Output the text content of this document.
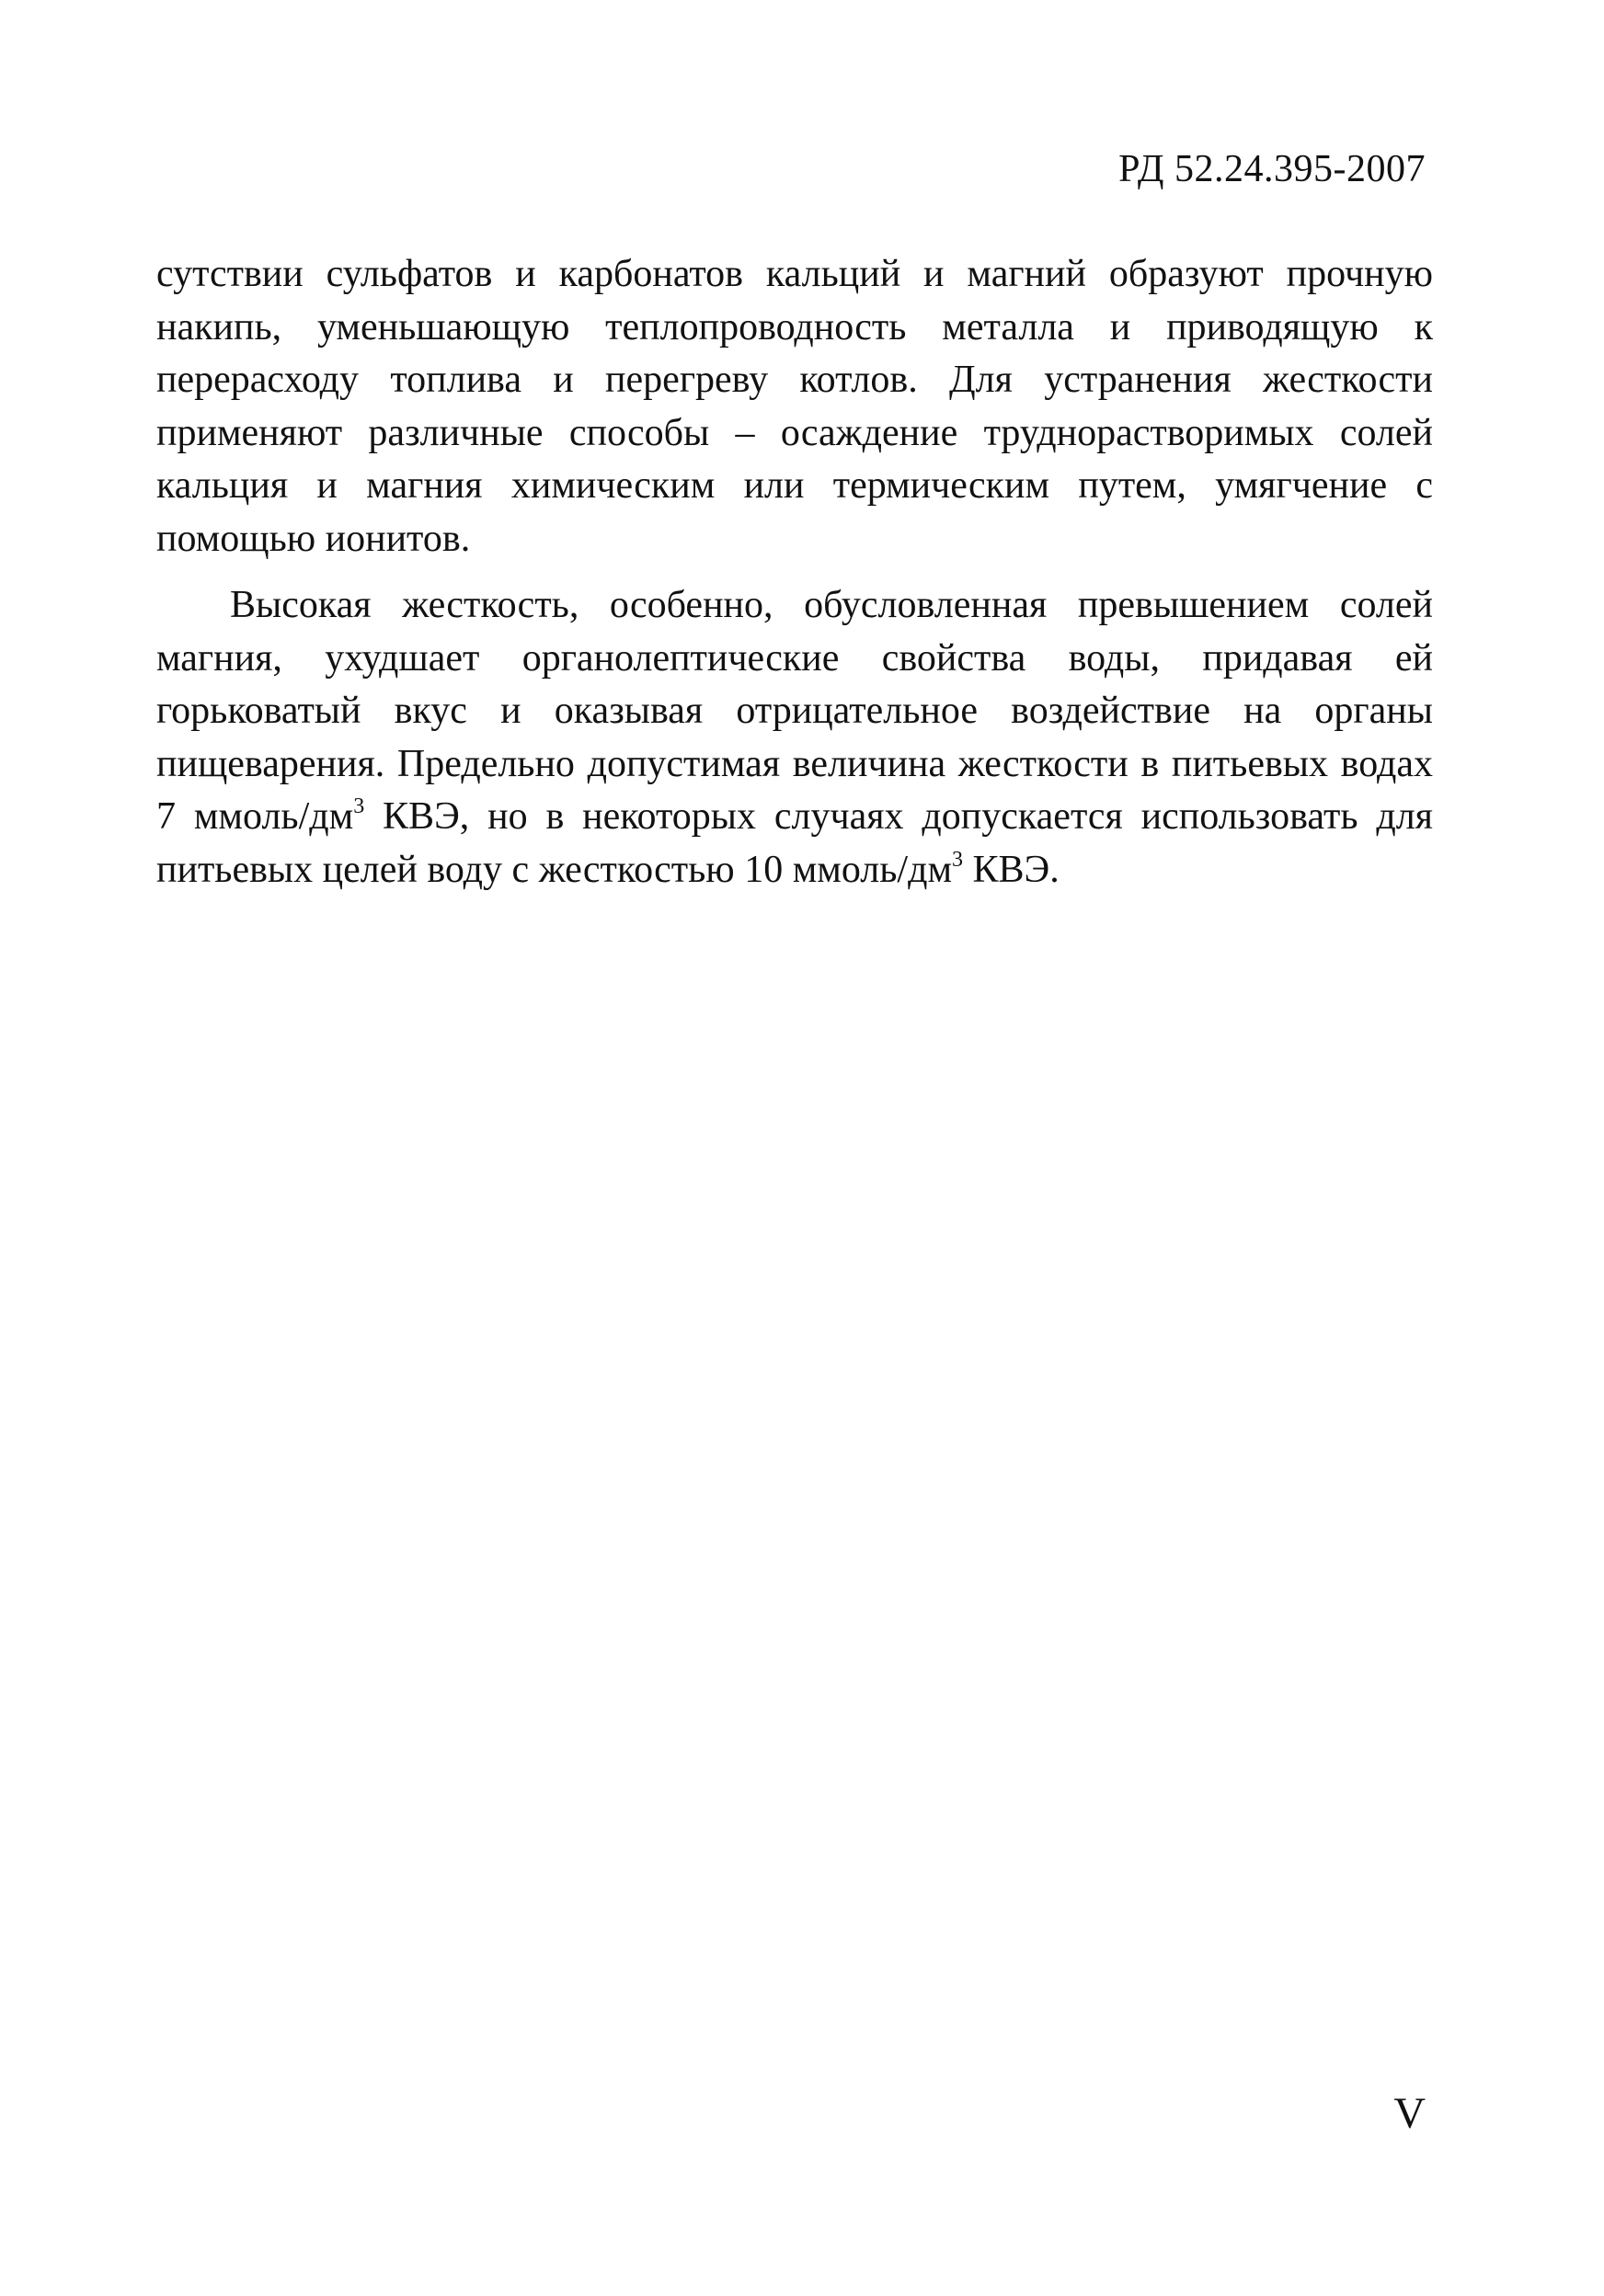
РД 52.24.395-2007

сутствии сульфатов и карбонатов кальций и магний образуют прочную накипь, уменьшающую теплопроводность металла и приводящую к перерасходу топлива и перегреву котлов. Для устранения жесткости применяют различные способы – осаждение труднорастворимых солей кальция и магния химическим или термическим путем, умягчение с помощью ионитов.

Высокая жесткость, особенно, обусловленная превышением солей магния, ухудшает органолептические свойства воды, придавая ей горьковатый вкус и оказывая отрицательное воздействие на органы пищеварения. Предельно допустимая величина жесткости в питьевых водах 7 ммоль/$дм^3$ КВЭ, но в некоторых случаях допускается использовать для питьевых целей воду с жесткостью 10 ммоль/$дм^3$ КВЭ.

V
